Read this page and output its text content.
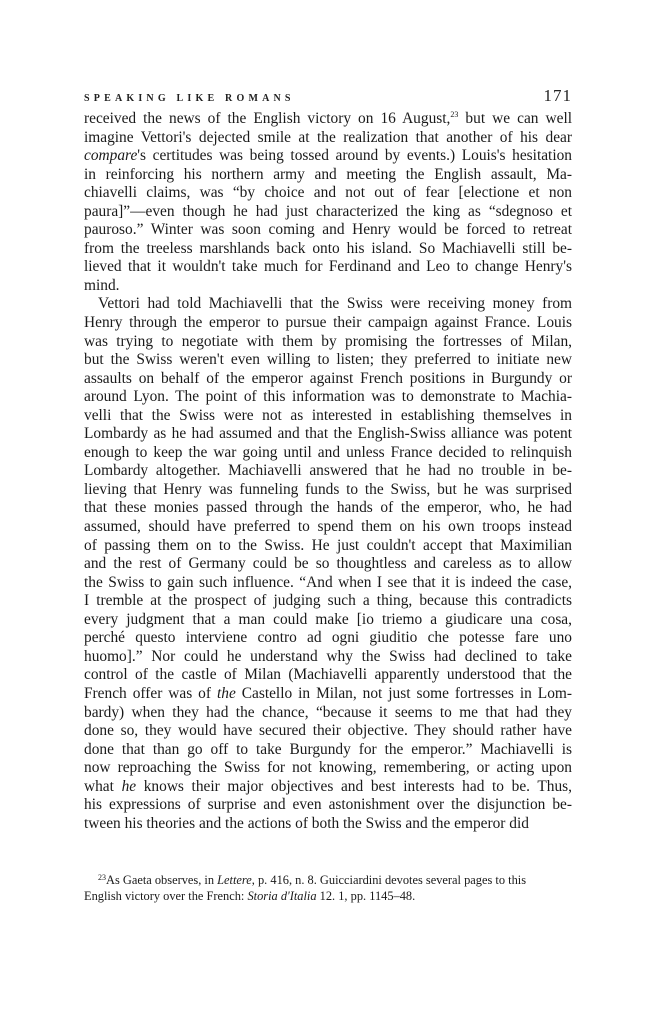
SPEAKING LIKE ROMANS	171
received the news of the English victory on 16 August,$^{23}$ but we can well
imagine Vettori's dejected smile at the realization that another of his dear
compare's certitudes was being tossed around by events.) Louis's hesitation
in reinforcing his northern army and meeting the English assault, Ma-
chiavelli claims, was “by choice and not out of fear [electione et non
paura]”—even though he had just characterized the king as “sdegnoso et
pauroso.” Winter was soon coming and Henry would be forced to retreat
from the treeless marshlands back onto his island. So Machiavelli still be-
lieved that it wouldn't take much for Ferdinand and Leo to change Henry's
mind.
Vettori had told Machiavelli that the Swiss were receiving money from
Henry through the emperor to pursue their campaign against France. Louis
was trying to negotiate with them by promising the fortresses of Milan,
but the Swiss weren't even willing to listen; they preferred to initiate new
assaults on behalf of the emperor against French positions in Burgundy or
around Lyon. The point of this information was to demonstrate to Machia-
velli that the Swiss were not as interested in establishing themselves in
Lombardy as he had assumed and that the English-Swiss alliance was potent
enough to keep the war going until and unless France decided to relinquish
Lombardy altogether. Machiavelli answered that he had no trouble in be-
lieving that Henry was funneling funds to the Swiss, but he was surprised
that these monies passed through the hands of the emperor, who, he had
assumed, should have preferred to spend them on his own troops instead
of passing them on to the Swiss. He just couldn't accept that Maximilian
and the rest of Germany could be so thoughtless and careless as to allow
the Swiss to gain such influence. “And when I see that it is indeed the case,
I tremble at the prospect of judging such a thing, because this contradicts
every judgment that a man could make [io triemo a giudicare una cosa,
perché questo interviene contro ad ogni giuditio che potesse fare uno
huomo].” Nor could he understand why the Swiss had declined to take
control of the castle of Milan (Machiavelli apparently understood that the
French offer was of the Castello in Milan, not just some fortresses in Lom-
bardy) when they had the chance, “because it seems to me that had they
done so, they would have secured their objective. They should rather have
done that than go off to take Burgundy for the emperor.” Machiavelli is
now reproaching the Swiss for not knowing, remembering, or acting upon
what he knows their major objectives and best interests had to be. Thus,
his expressions of surprise and even astonishment over the disjunction be-
tween his theories and the actions of both the Swiss and the emperor did
$^{23}$As Gaeta observes, in Lettere, p. 416, n. 8. Guicciardini devotes several pages to this
English victory over the French: Storia d'Italia 12. 1, pp. 1145–48.
